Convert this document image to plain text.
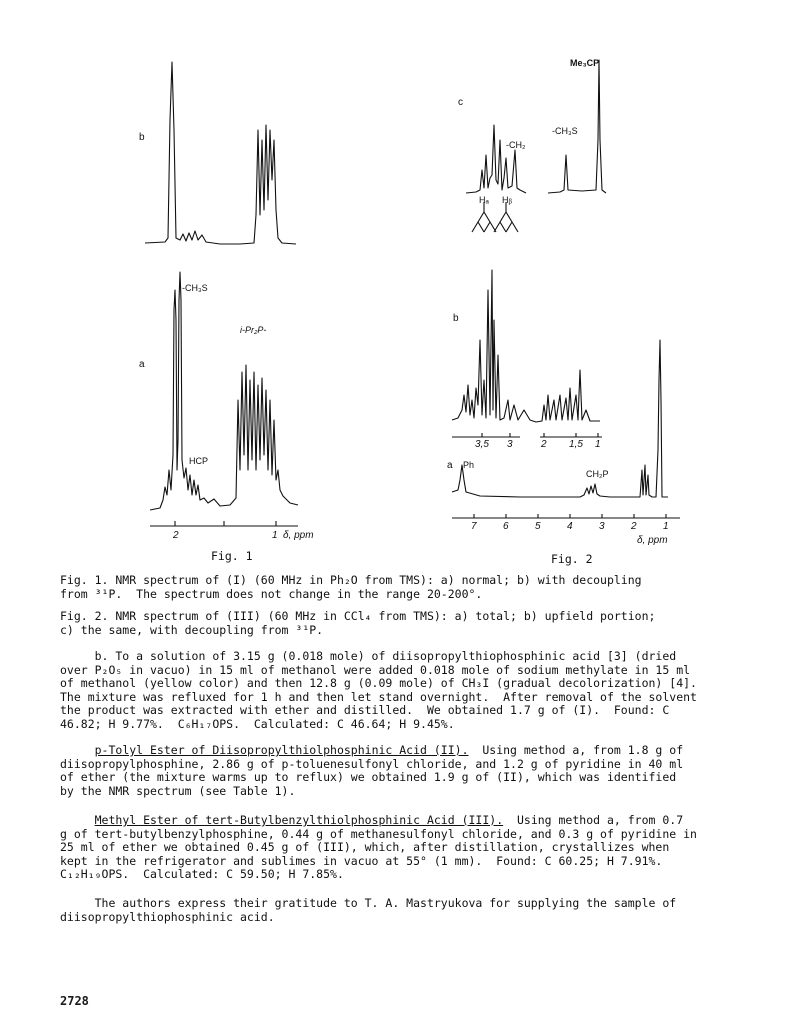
b
a
-CH₃S
i-Pr₂P-
HCP
2	1 δ, ppm
Fig. 1
c
Me₃CP
-CH₃S
-CH₂
Hₐ Hᵦ
b
3,5 3	2 1,5 1
a Ph
CH₂P
7	6	5	4	3	2	1
δ, ppm
Fig. 2

Fig. 1. NMR spectrum of (I) (60 MHz in Ph₂O from TMS): a) normal; b) with decoupling

from ³¹P.  The spectrum does not change in the range 20-200°.

Fig. 2. NMR spectrum of (III) (60 MHz in CCl₄ from TMS): a) total; b) upfield portion;

c) the same, with decoupling from ³¹P.

b. To a solution of 3.15 g (0.018 mole) of diisopropylthiophosphinic acid [3] (dried

over P₂O₅ in vacuo) in 15 ml of methanol were added 0.018 mole of sodium methylate in 15 ml

of methanol (yellow color) and then 12.8 g (0.09 mole) of CH₃I (gradual decolorization) [4].

The mixture was refluxed for 1 h and then let stand overnight.  After removal of the solvent

the product was extracted with ether and distilled.  We obtained 1.7 g of (I).  Found: C

46.82; H 9.77%.  C₆H₁₇OPS.  Calculated: C 46.64; H 9.45%.

p-Tolyl Ester of Diisopropylthiolphosphinic Acid (II).  Using method a, from 1.8 g of

diisopropylphosphine, 2.86 g of p-toluenesulfonyl chloride, and 1.2 g of pyridine in 40 ml

of ether (the mixture warms up to reflux) we obtained 1.9 g of (II), which was identified

by the NMR spectrum (see Table 1).

Methyl Ester of tert-Butylbenzylthiolphosphinic Acid (III).  Using method a, from 0.7

g of tert-butylbenzylphosphine, 0.44 g of methanesulfonyl chloride, and 0.3 g of pyridine in

25 ml of ether we obtained 0.45 g of (III), which, after distillation, crystallizes when

kept in the refrigerator and sublimes in vacuo at 55° (1 mm).  Found: C 60.25; H 7.91%.

C₁₂H₁₉OPS.  Calculated: C 59.50; H 7.85%.

The authors express their gratitude to T. A. Mastryukova for supplying the sample of

diisopropylthiophosphinic acid.

2728
